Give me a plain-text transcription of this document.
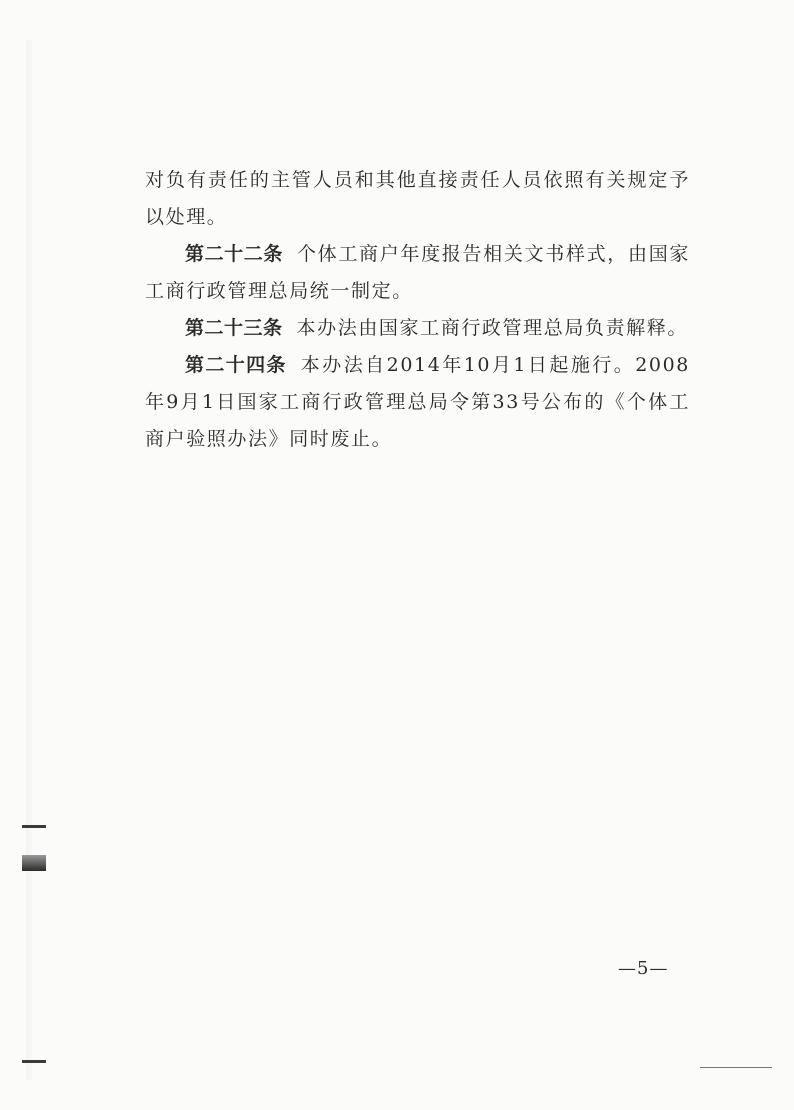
对负有责任的主管人员和其他直接责任人员依照有关规定予以处理。

第二十二条 个体工商户年度报告相关文书样式，由国家工商行政管理总局统一制定。

第二十三条 本办法由国家工商行政管理总局负责解释。

第二十四条 本办法自2014年10月1日起施行。2008年9月1日国家工商行政管理总局令第33号公布的《个体工商户验照办法》同时废止。

—5—
